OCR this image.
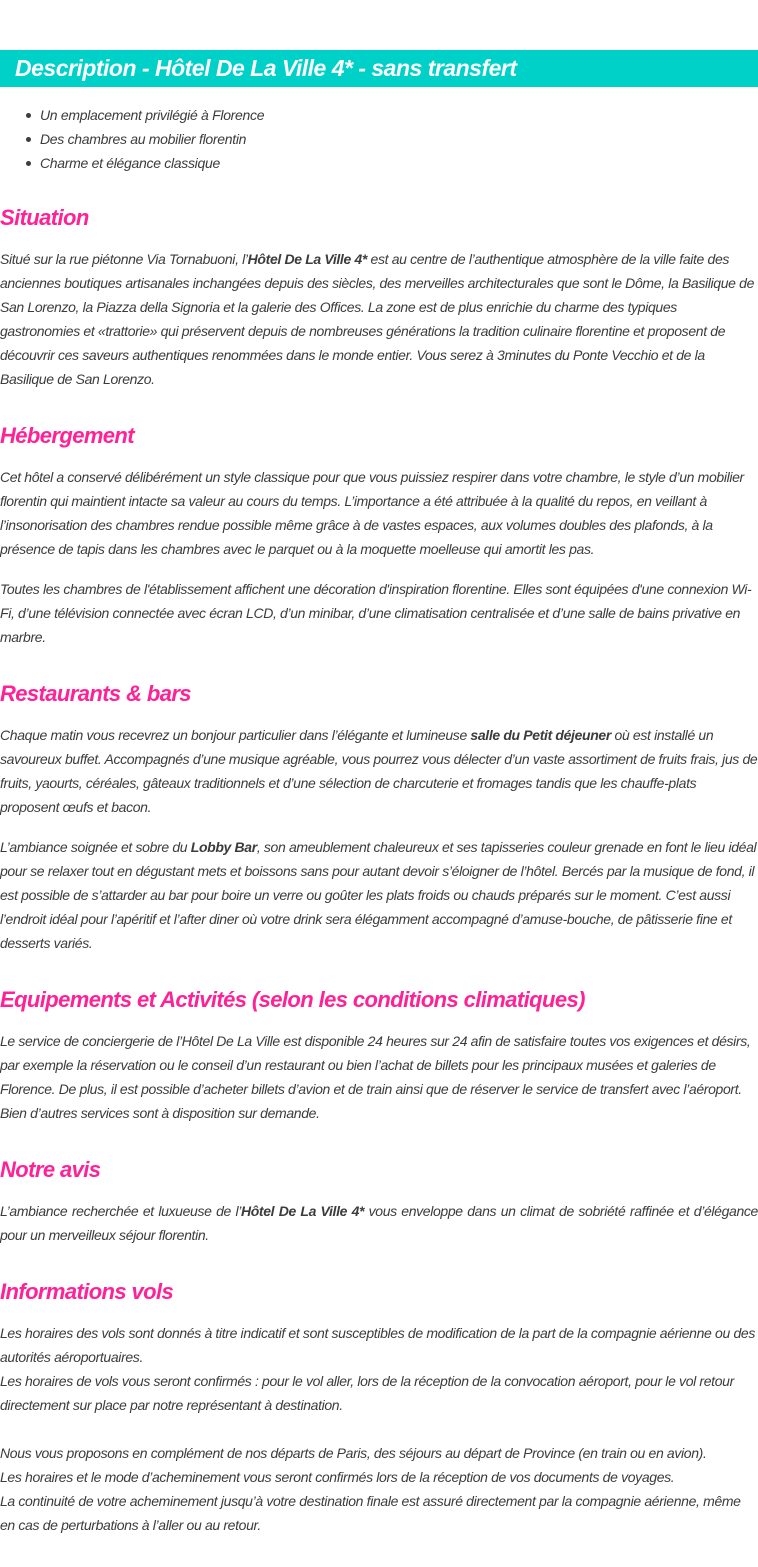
Description - Hôtel De La Ville 4* - sans transfert
Un emplacement privilégié à Florence
Des chambres au mobilier florentin
Charme et élégance classique
Situation

Situé sur la rue piétonne Via Tornabuoni, l’Hôtel De La Ville 4* est au centre de l’authentique atmosphère de la ville faite des anciennes boutiques artisanales inchangées depuis des siècles, des merveilles architecturales que sont le Dôme, la Basilique de San Lorenzo, la Piazza della Signoria et la galerie des Offices. La zone est de plus enrichie du charme des typiques gastronomies et «trattorie» qui préservent depuis de nombreuses générations la tradition culinaire florentine et proposent de découvrir ces saveurs authentiques renommées dans le monde entier. Vous serez à 3minutes du Ponte Vecchio et de la Basilique de San Lorenzo.

Hébergement

Cet hôtel a conservé délibérément un style classique pour que vous puissiez respirer dans votre chambre, le style d’un mobilier florentin qui maintient intacte sa valeur au cours du temps. L’importance a été attribuée à la qualité du repos, en veillant à l’insonorisation des chambres rendue possible même grâce à de vastes espaces, aux volumes doubles des plafonds, à la présence de tapis dans les chambres avec le parquet ou à la moquette moelleuse qui amortit les pas.

Toutes les chambres de l'établissement affichent une décoration d'inspiration florentine. Elles sont équipées d'une connexion Wi-Fi, d’une télévision connectée avec écran LCD, d’un minibar, d’une climatisation centralisée et d’une salle de bains privative en marbre.

Restaurants & bars

Chaque matin vous recevrez un bonjour particulier dans l’élégante et lumineuse salle du Petit déjeuner où est installé un savoureux buffet. Accompagnés d’une musique agréable, vous pourrez vous délecter d’un vaste assortiment de fruits frais, jus de fruits, yaourts, céréales, gâteaux traditionnels et d’une sélection de charcuterie et fromages tandis que les chauffe-plats proposent œufs et bacon.

L’ambiance soignée et sobre du Lobby Bar, son ameublement chaleureux et ses tapisseries couleur grenade en font le lieu idéal pour se relaxer tout en dégustant mets et boissons sans pour autant devoir s’éloigner de l’hôtel. Bercés par la musique de fond, il est possible de s’attarder au bar pour boire un verre ou goûter les plats froids ou chauds préparés sur le moment. C’est aussi l’endroit idéal pour l’apéritif et l’after diner où votre drink sera élégamment accompagné d’amuse-bouche, de pâtisserie fine et desserts variés.

Equipements et Activités (selon les conditions climatiques)

Le service de conciergerie de l’Hôtel De La Ville est disponible 24 heures sur 24 afin de satisfaire toutes vos exigences et désirs, par exemple la réservation ou le conseil d’un restaurant ou bien l’achat de billets pour les principaux musées et galeries de Florence. De plus, il est possible d’acheter billets d’avion et de train ainsi que de réserver le service de transfert avec l’aéroport. Bien d’autres services sont à disposition sur demande.

Notre avis

L’ambiance recherchée et luxueuse de l’Hôtel De La Ville 4* vous enveloppe dans un climat de sobriété raffinée et d’élégance pour un merveilleux séjour florentin.

Informations vols

Les horaires des vols sont donnés à titre indicatif et sont susceptibles de modification de la part de la compagnie aérienne ou des autorités aéroportuaires.
Les horaires de vols vous seront confirmés : pour le vol aller, lors de la réception de la convocation aéroport, pour le vol retour directement sur place par notre représentant à destination.

Nous vous proposons en complément de nos départs de Paris, des séjours au départ de Province (en train ou en avion).
Les horaires et le mode d’acheminement vous seront confirmés lors de la réception de vos documents de voyages.
La continuité de votre acheminement jusqu’à votre destination finale est assuré directement par la compagnie aérienne, même en cas de perturbations à l’aller ou au retour.
